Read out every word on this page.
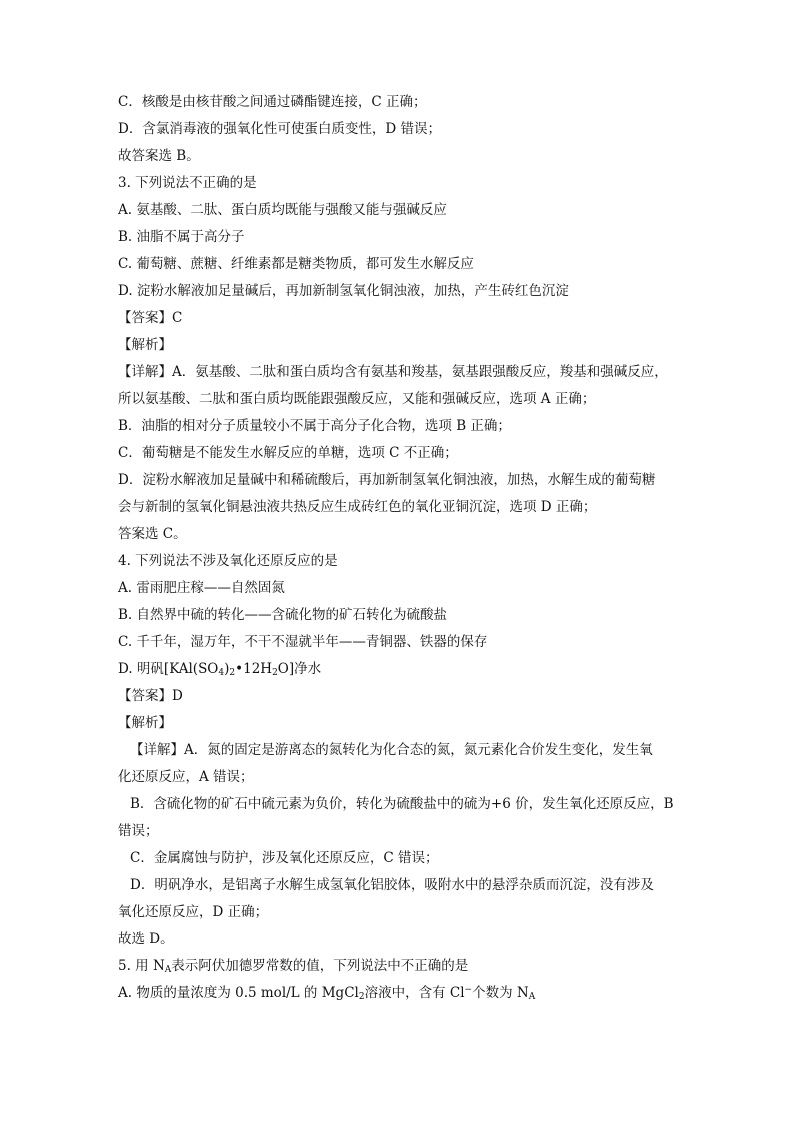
C．核酸是由核苷酸之间通过磷酯键连接，C 正确；
D．含氯消毒液的强氧化性可使蛋白质变性，D 错误；
故答案选 B。
3. 下列说法不正确的是
A. 氨基酸、二肽、蛋白质均既能与强酸又能与强碱反应
B. 油脂不属于高分子
C. 葡萄糖、蔗糖、纤维素都是糖类物质，都可发生水解反应
D. 淀粉水解液加足量碱后，再加新制氢氧化铜浊液，加热，产生砖红色沉淀
【答案】C
【解析】
【详解】A．氨基酸、二肽和蛋白质均含有氨基和羧基，氨基跟强酸反应，羧基和强碱反应，
所以氨基酸、二肽和蛋白质均既能跟强酸反应，又能和强碱反应，选项 A 正确；
B．油脂的相对分子质量较小不属于高分子化合物，选项 B 正确；
C．葡萄糖是不能发生水解反应的单糖，选项 C 不正确；
D．淀粉水解液加足量碱中和稀硫酸后，再加新制氢氧化铜浊液，加热，水解生成的葡萄糖
会与新制的氢氧化铜悬浊液共热反应生成砖红色的氧化亚铜沉淀，选项 D 正确；
答案选 C。
4. 下列说法不涉及氧化还原反应的是
A. 雷雨肥庄稼——自然固氮
B. 自然界中硫的转化——含硫化物的矿石转化为硫酸盐
C. 千千年，湿万年，不干不湿就半年——青铜器、铁器的保存
D. 明矾$[KAl(SO_4)_2•12H_2O]$净水
【答案】D
【解析】
【详解】A．氮的固定是游离态的氮转化为化合态的氮，氮元素化合价发生变化，发生氧
化还原反应，A 错误；
B．含硫化物的矿石中硫元素为负价，转化为硫酸盐中的硫为+6 价，发生氧化还原反应，B
错误；
C．金属腐蚀与防护，涉及氧化还原反应，C 错误；
D．明矾净水，是铝离子水解生成氢氧化铝胶体，吸附水中的悬浮杂质而沉淀，没有涉及
氧化还原反应，D 正确；
故选 D。
5. 用 $N_A$表示阿伏加德罗常数的值，下列说法中不正确的是
A. 物质的量浓度为 0.5 mol/L 的 MgCl$_2$溶液中，含有 Cl−个数为 $N_A$
